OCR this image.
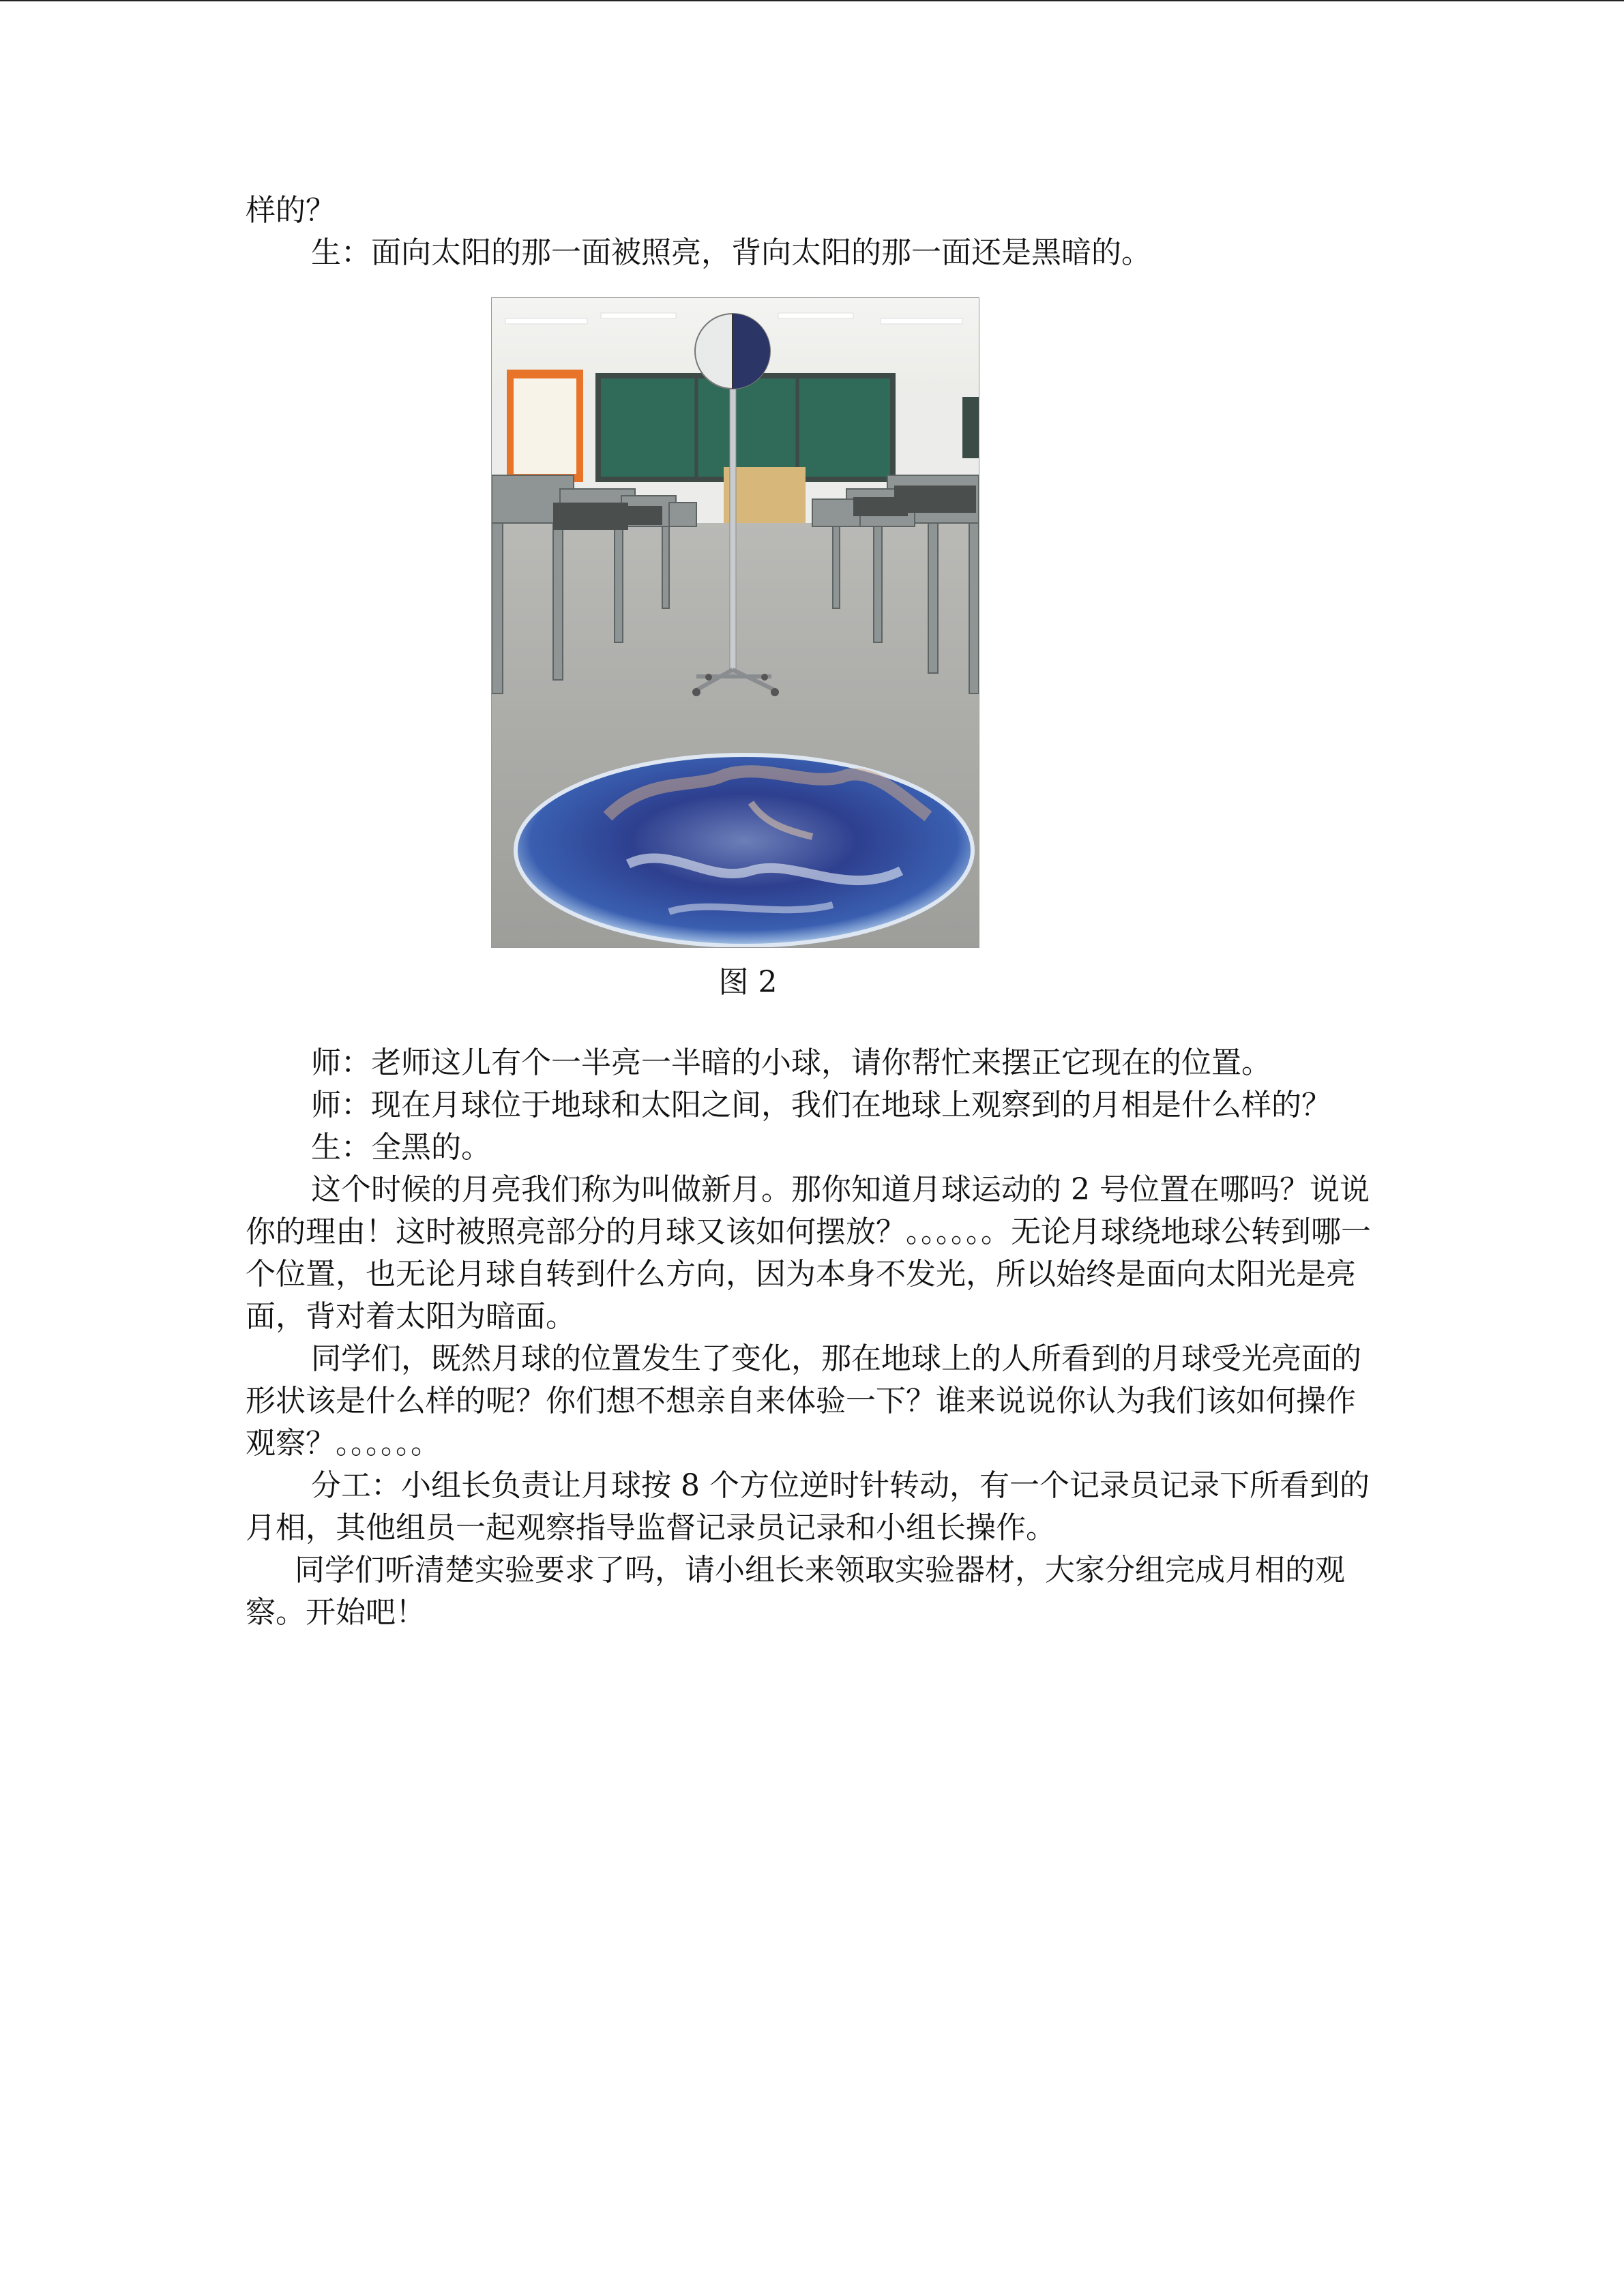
样的？

生：面向太阳的那一面被照亮，背向太阳的那一面还是黑暗的。

图 2

师：老师这儿有个一半亮一半暗的小球，请你帮忙来摆正它现在的位置。

师：现在月球位于地球和太阳之间，我们在地球上观察到的月相是什么样的？

生：全黑的。

这个时候的月亮我们称为叫做新月。那你知道月球运动的 2 号位置在哪吗？说说你的理由！这时被照亮部分的月球又该如何摆放？。。。。。。无论月球绕地球公转到哪一个位置，也无论月球自转到什么方向，因为本身不发光，所以始终是面向太阳光是亮面，背对着太阳为暗面。

同学们，既然月球的位置发生了变化，那在地球上的人所看到的月球受光亮面的形状该是什么样的呢？你们想不想亲自来体验一下？谁来说说你认为我们该如何操作观察？。。。。。。

分工：小组长负责让月球按 8 个方位逆时针转动，有一个记录员记录下所看到的月相，其他组员一起观察指导监督记录员记录和小组长操作。

同学们听清楚实验要求了吗，请小组长来领取实验器材，大家分组完成月相的观察。开始吧！
